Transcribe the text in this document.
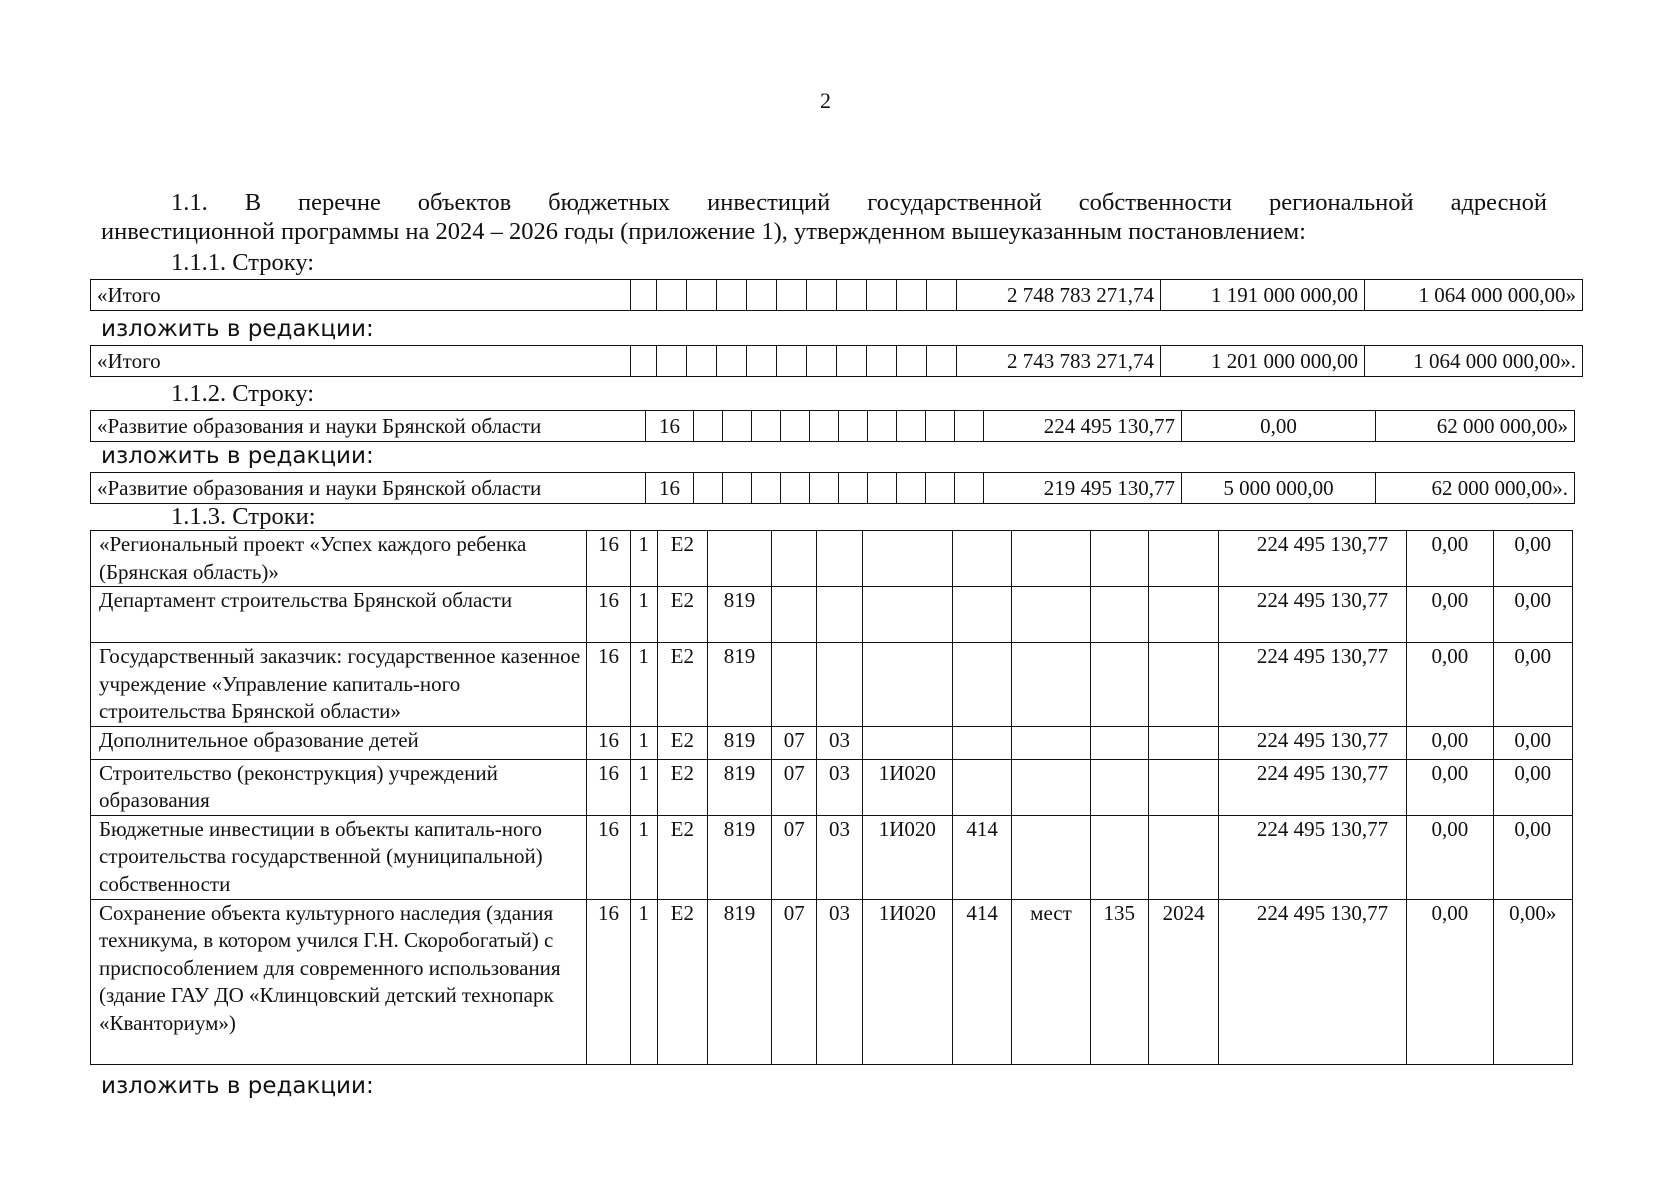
2
1.1. В перечне объектов бюджетных инвестиций государственной собственности региональной адресной
инвестиционной программы на 2024 – 2026 годы (приложение 1), утвержденном вышеуказанным постановлением:
1.1.1. Строку:
«Итого												2 748 783 271,74	1 191 000 000,00	1 064 000 000,00»
изложить в редакции:
«Итого												2 743 783 271,74	1 201 000 000,00	1 064 000 000,00».
1.1.2. Строку:
«Развитие образования и науки Брянской области	16											224 495 130,77	0,00	62 000 000,00»
изложить в редакции:
«Развитие образования и науки Брянской области	16											219 495 130,77	5 000 000,00	62 000 000,00».
1.1.3. Строки:
«Региональный проект «Успех каждого ребенка (Брянская область)»	16	1	Е2									224 495 130,77	0,00	0,00
Департамент строительства Брянской области	16	1	Е2	819								224 495 130,77	0,00	0,00
Государственный заказчик: государственное казенное учреждение «Управление капиталь-ного строительства Брянской области»	16	1	Е2	819								224 495 130,77	0,00	0,00
Дополнительное образование детей	16	1	Е2	819	07	03						224 495 130,77	0,00	0,00
Строительство (реконструкция) учреждений образования	16	1	Е2	819	07	03	1И020					224 495 130,77	0,00	0,00
Бюджетные инвестиции в объекты капиталь-ного строительства государственной (муниципальной) собственности	16	1	Е2	819	07	03	1И020	414				224 495 130,77	0,00	0,00
Сохранение объекта культурного наследия (здания техникума, в котором учился Г.Н. Скоробогатый) с приспособлением для современного использования (здание ГАУ ДО «Клинцовский детский технопарк «Кванториум»)	16	1	Е2	819	07	03	1И020	414	мест	135	2024	224 495 130,77	0,00	0,00»
изложить в редакции:
